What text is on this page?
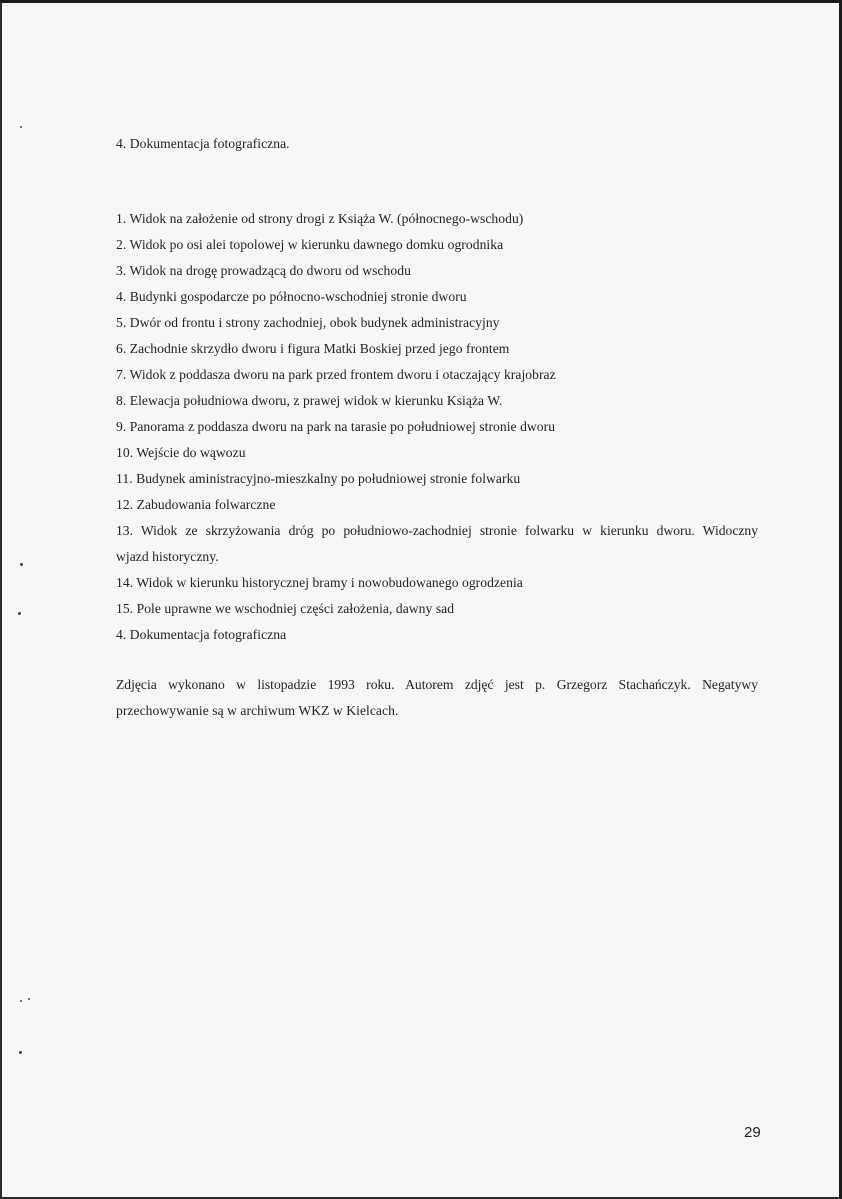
4. Dokumentacja fotograficzna.
1. Widok na założenie od strony drogi z Książa W. (północnego-wschodu)
2. Widok po osi alei topolowej w kierunku dawnego domku ogrodnika
3. Widok na drogę prowadzącą do dworu od wschodu
4. Budynki gospodarcze po północno-wschodniej stronie dworu
5. Dwór od frontu i strony zachodniej, obok budynek administracyjny
6. Zachodnie skrzydło dworu i figura Matki Boskiej przed jego frontem
7. Widok z poddasza dworu na park przed frontem dworu i otaczający krajobraz
8. Elewacja południowa dworu, z prawej widok w kierunku Książa W.
9. Panorama z poddasza dworu na park na tarasie po południowej stronie dworu
10. Wejście do wąwozu
11. Budynek aministracyjno-mieszkalny po południowej stronie folwarku
12. Zabudowania folwarczne
13. Widok ze skrzyżowania dróg po południowo-zachodniej stronie folwarku w kierunku dworu. Widoczny
wjazd historyczny.
14. Widok w kierunku historycznej bramy i nowobudowanego ogrodzenia
15. Pole uprawne we wschodniej części założenia, dawny sad
4. Dokumentacja fotograficzna
Zdjęcia wykonano w listopadzie 1993 roku. Autorem zdjęć jest p. Grzegorz Stachańczyk. Negatywy
przechowywanie są w archiwum WKZ w Kielcach.
29
